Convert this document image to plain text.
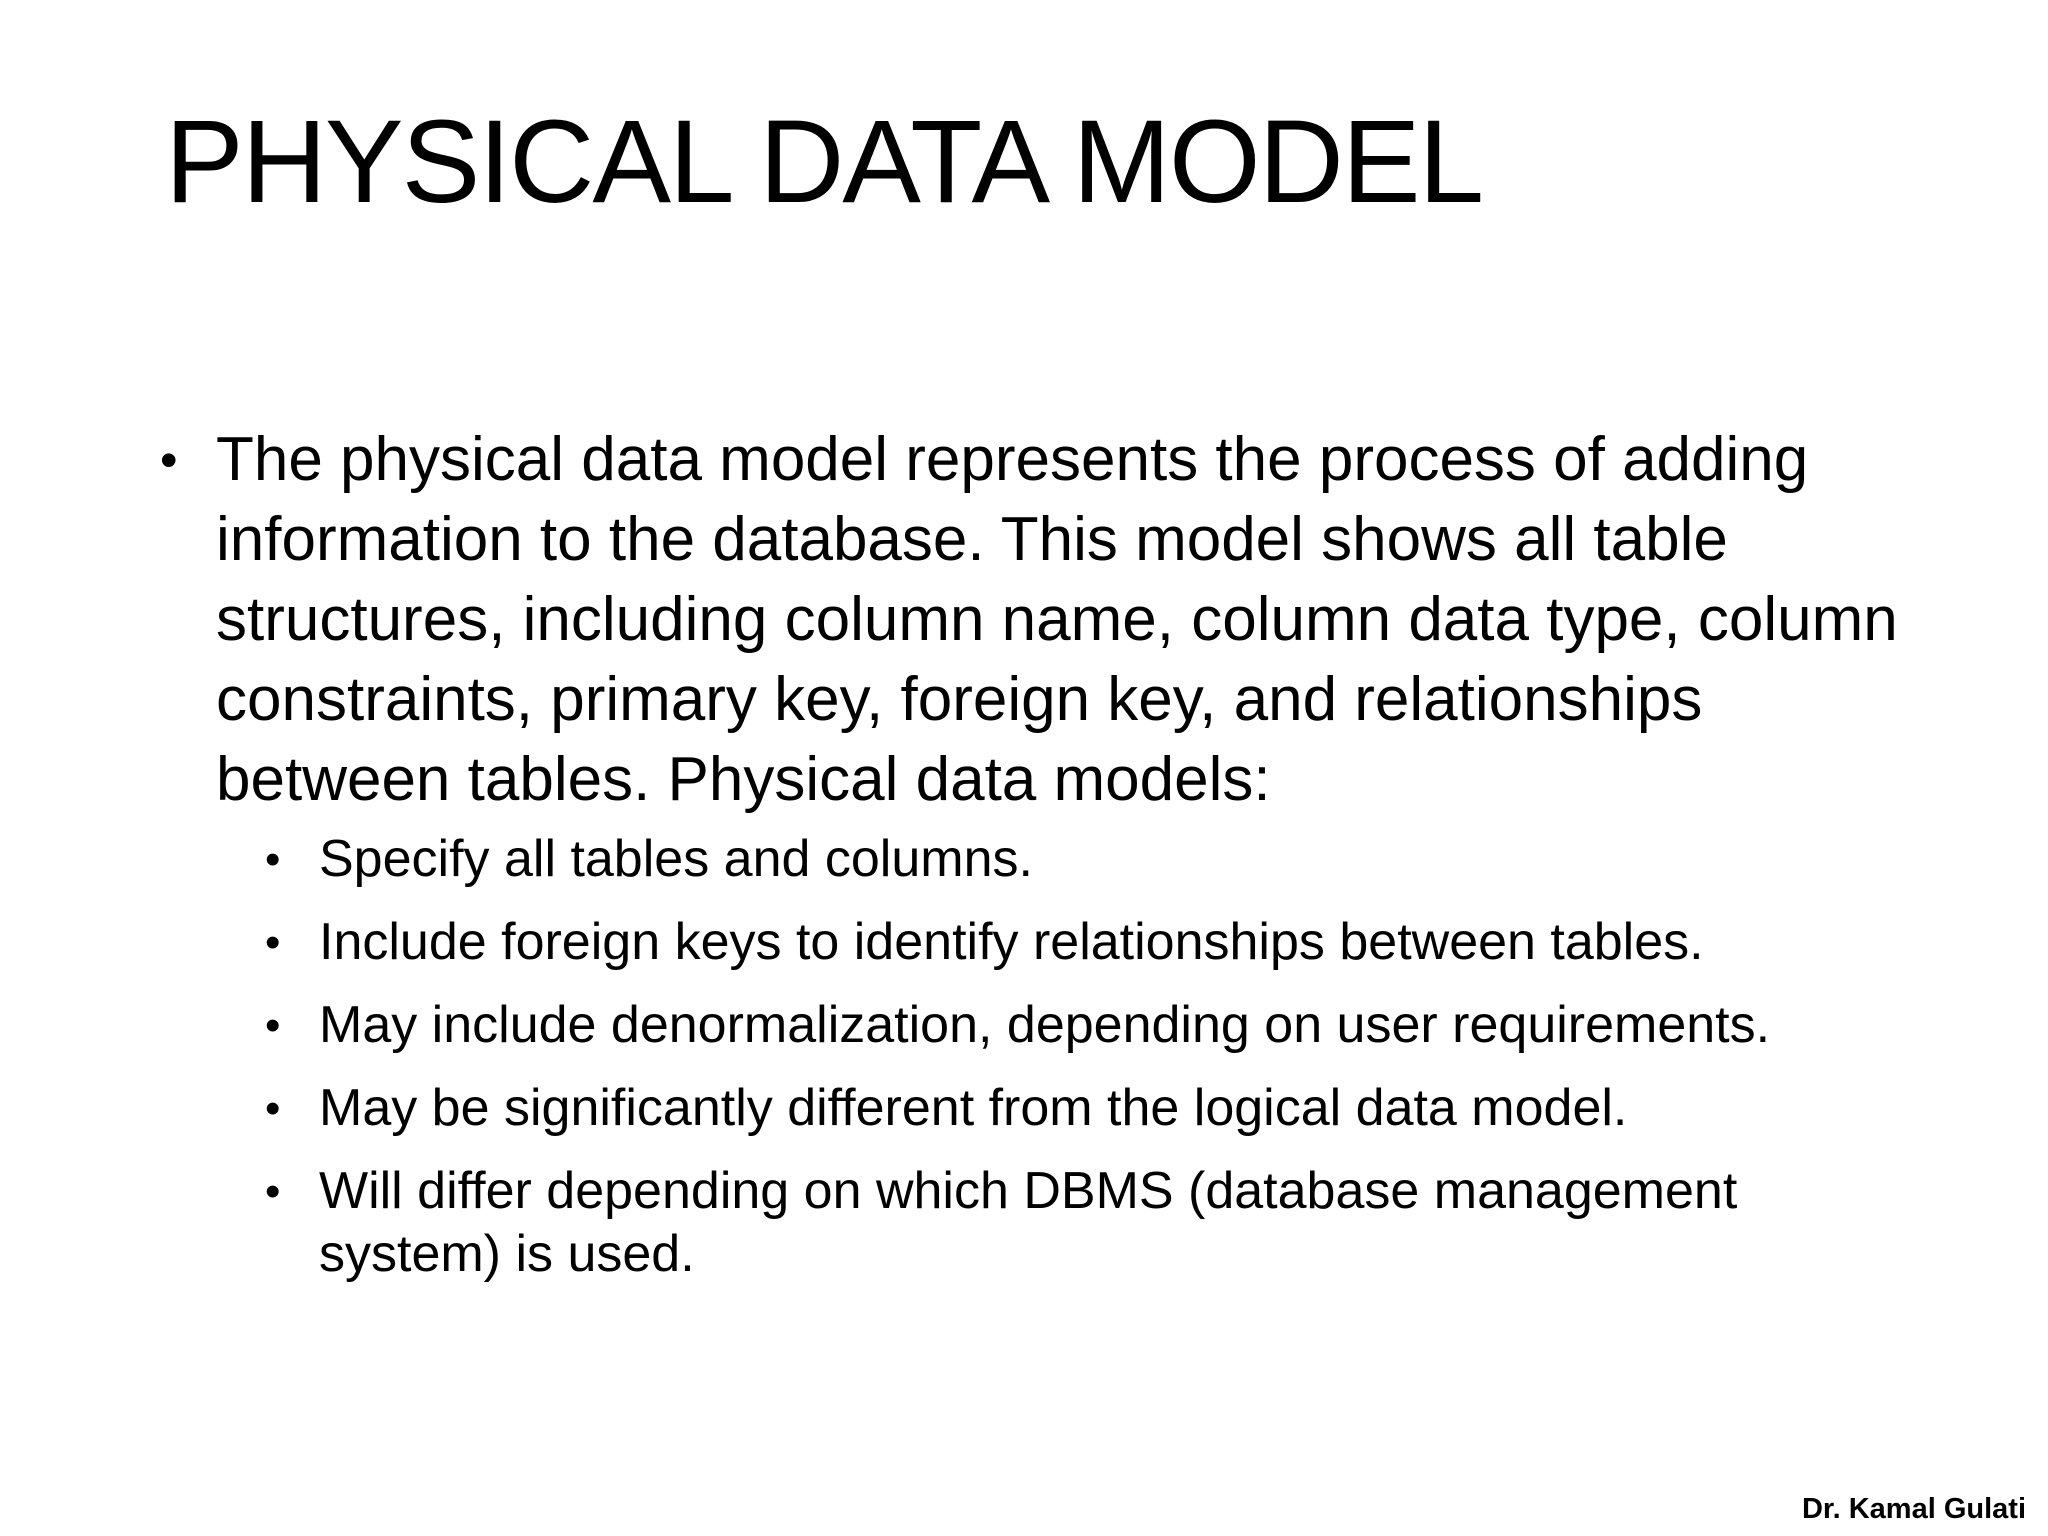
PHYSICAL DATA MODEL
• The physical data model represents the process of adding information to the database. This model shows all table structures, including column name, column data type, column constraints, primary key, foreign key, and relationships between tables. Physical data models:
• Specify all tables and columns.
• Include foreign keys to identify relationships between tables.
• May include denormalization, depending on user requirements.
• May be significantly different from the logical data model.
• Will differ depending on which DBMS (database management system) is used.
Dr. Kamal Gulati
